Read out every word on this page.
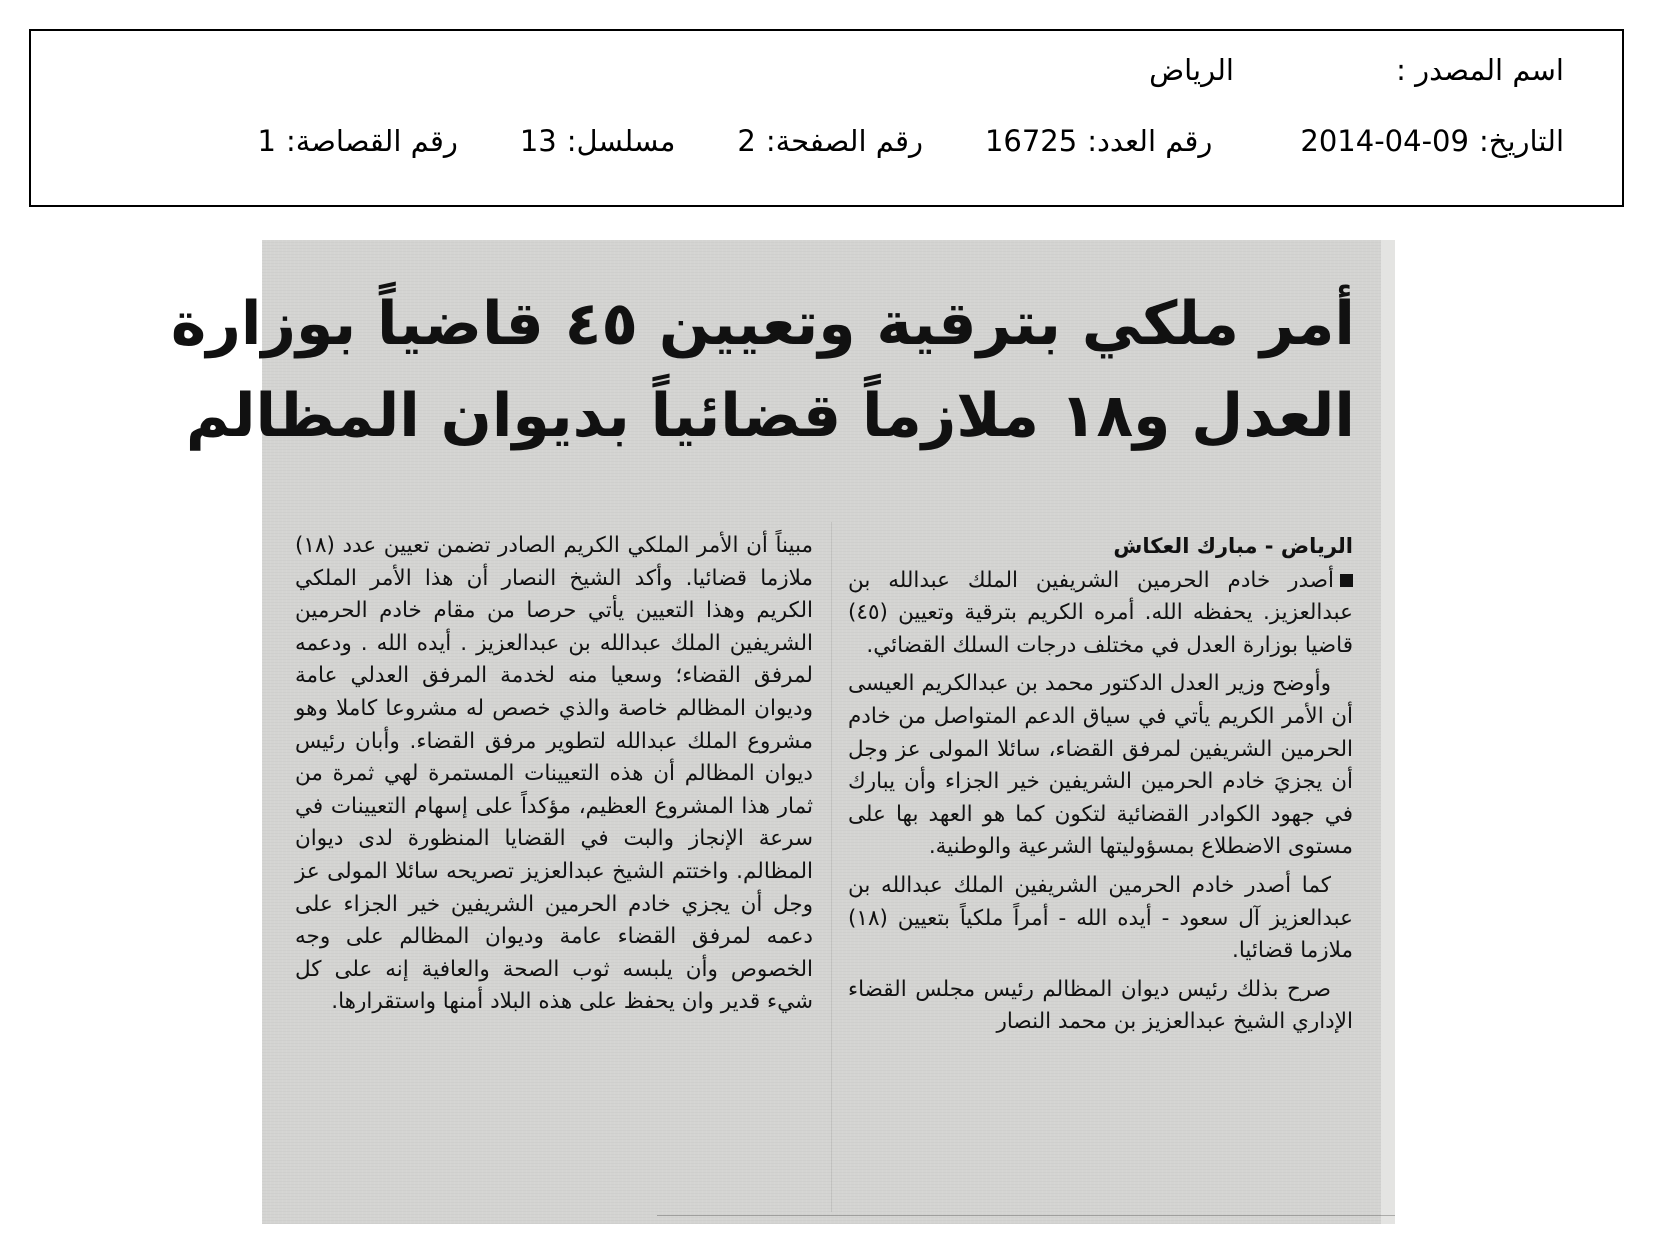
اسم المصدر :
الرياض
التاريخ:
2014-04-09
رقم العدد:
16725
رقم الصفحة:
2
مسلسل:
13
رقم القصاصة:
1
أمر ملكي بترقية وتعيين ٤٥ قاضياً بوزارة
العدل و١٨ ملازماً قضائياً بديوان المظالم
الرياض - مبارك العكاش

أصدر خادم الحرمين الشريفين الملك عبدالله بن عبدالعزيز. يحفظه الله. أمره الكريم بترقية وتعيين (٤٥) قاضيا بوزارة العدل في مختلف درجات السلك القضائي.

وأوضح وزير العدل الدكتور محمد بن عبدالكريم العيسى أن الأمر الكريم يأتي في سياق الدعم المتواصل من خادم الحرمين الشريفين لمرفق القضاء، سائلا المولى عز وجل أن يجزيَ خادم الحرمين الشريفين خير الجزاء وأن يبارك في جهود الكوادر القضائية لتكون كما هو العهد بها على مستوى الاضطلاع بمسؤوليتها الشرعية والوطنية.

كما أصدر خادم الحرمين الشريفين الملك عبدالله بن عبدالعزيز آل سعود - أيده الله - أمراً ملكياً بتعيين (١٨) ملازما قضائيا.

صرح بذلك رئيس ديوان المظالم رئيس مجلس القضاء الإداري الشيخ عبدالعزيز بن محمد النصار

مبيناً أن الأمر الملكي الكريم الصادر تضمن تعيين عدد (١٨) ملازما قضائيا. وأكد الشيخ النصار أن هذا الأمر الملكي الكريم وهذا التعيين يأتي حرصا من مقام خادم الحرمين الشريفين الملك عبدالله بن عبدالعزيز . أيده الله . ودعمه لمرفق القضاء؛ وسعيا منه لخدمة المرفق العدلي عامة وديوان المظالم خاصة والذي خصص له مشروعا كاملا وهو مشروع الملك عبدالله لتطوير مرفق القضاء. وأبان رئيس ديوان المظالم أن هذه التعيينات المستمرة لهي ثمرة من ثمار هذا المشروع العظيم، مؤكداً على إسهام التعيينات في سرعة الإنجاز والبت في القضايا المنظورة لدى ديوان المظالم. واختتم الشيخ عبدالعزيز تصريحه سائلا المولى عز وجل أن يجزي خادم الحرمين الشريفين خير الجزاء على دعمه لمرفق القضاء عامة وديوان المظالم على وجه الخصوص وأن يلبسه ثوب الصحة والعافية إنه على كل شيء قدير وان يحفظ على هذه البلاد أمنها واستقرارها.
